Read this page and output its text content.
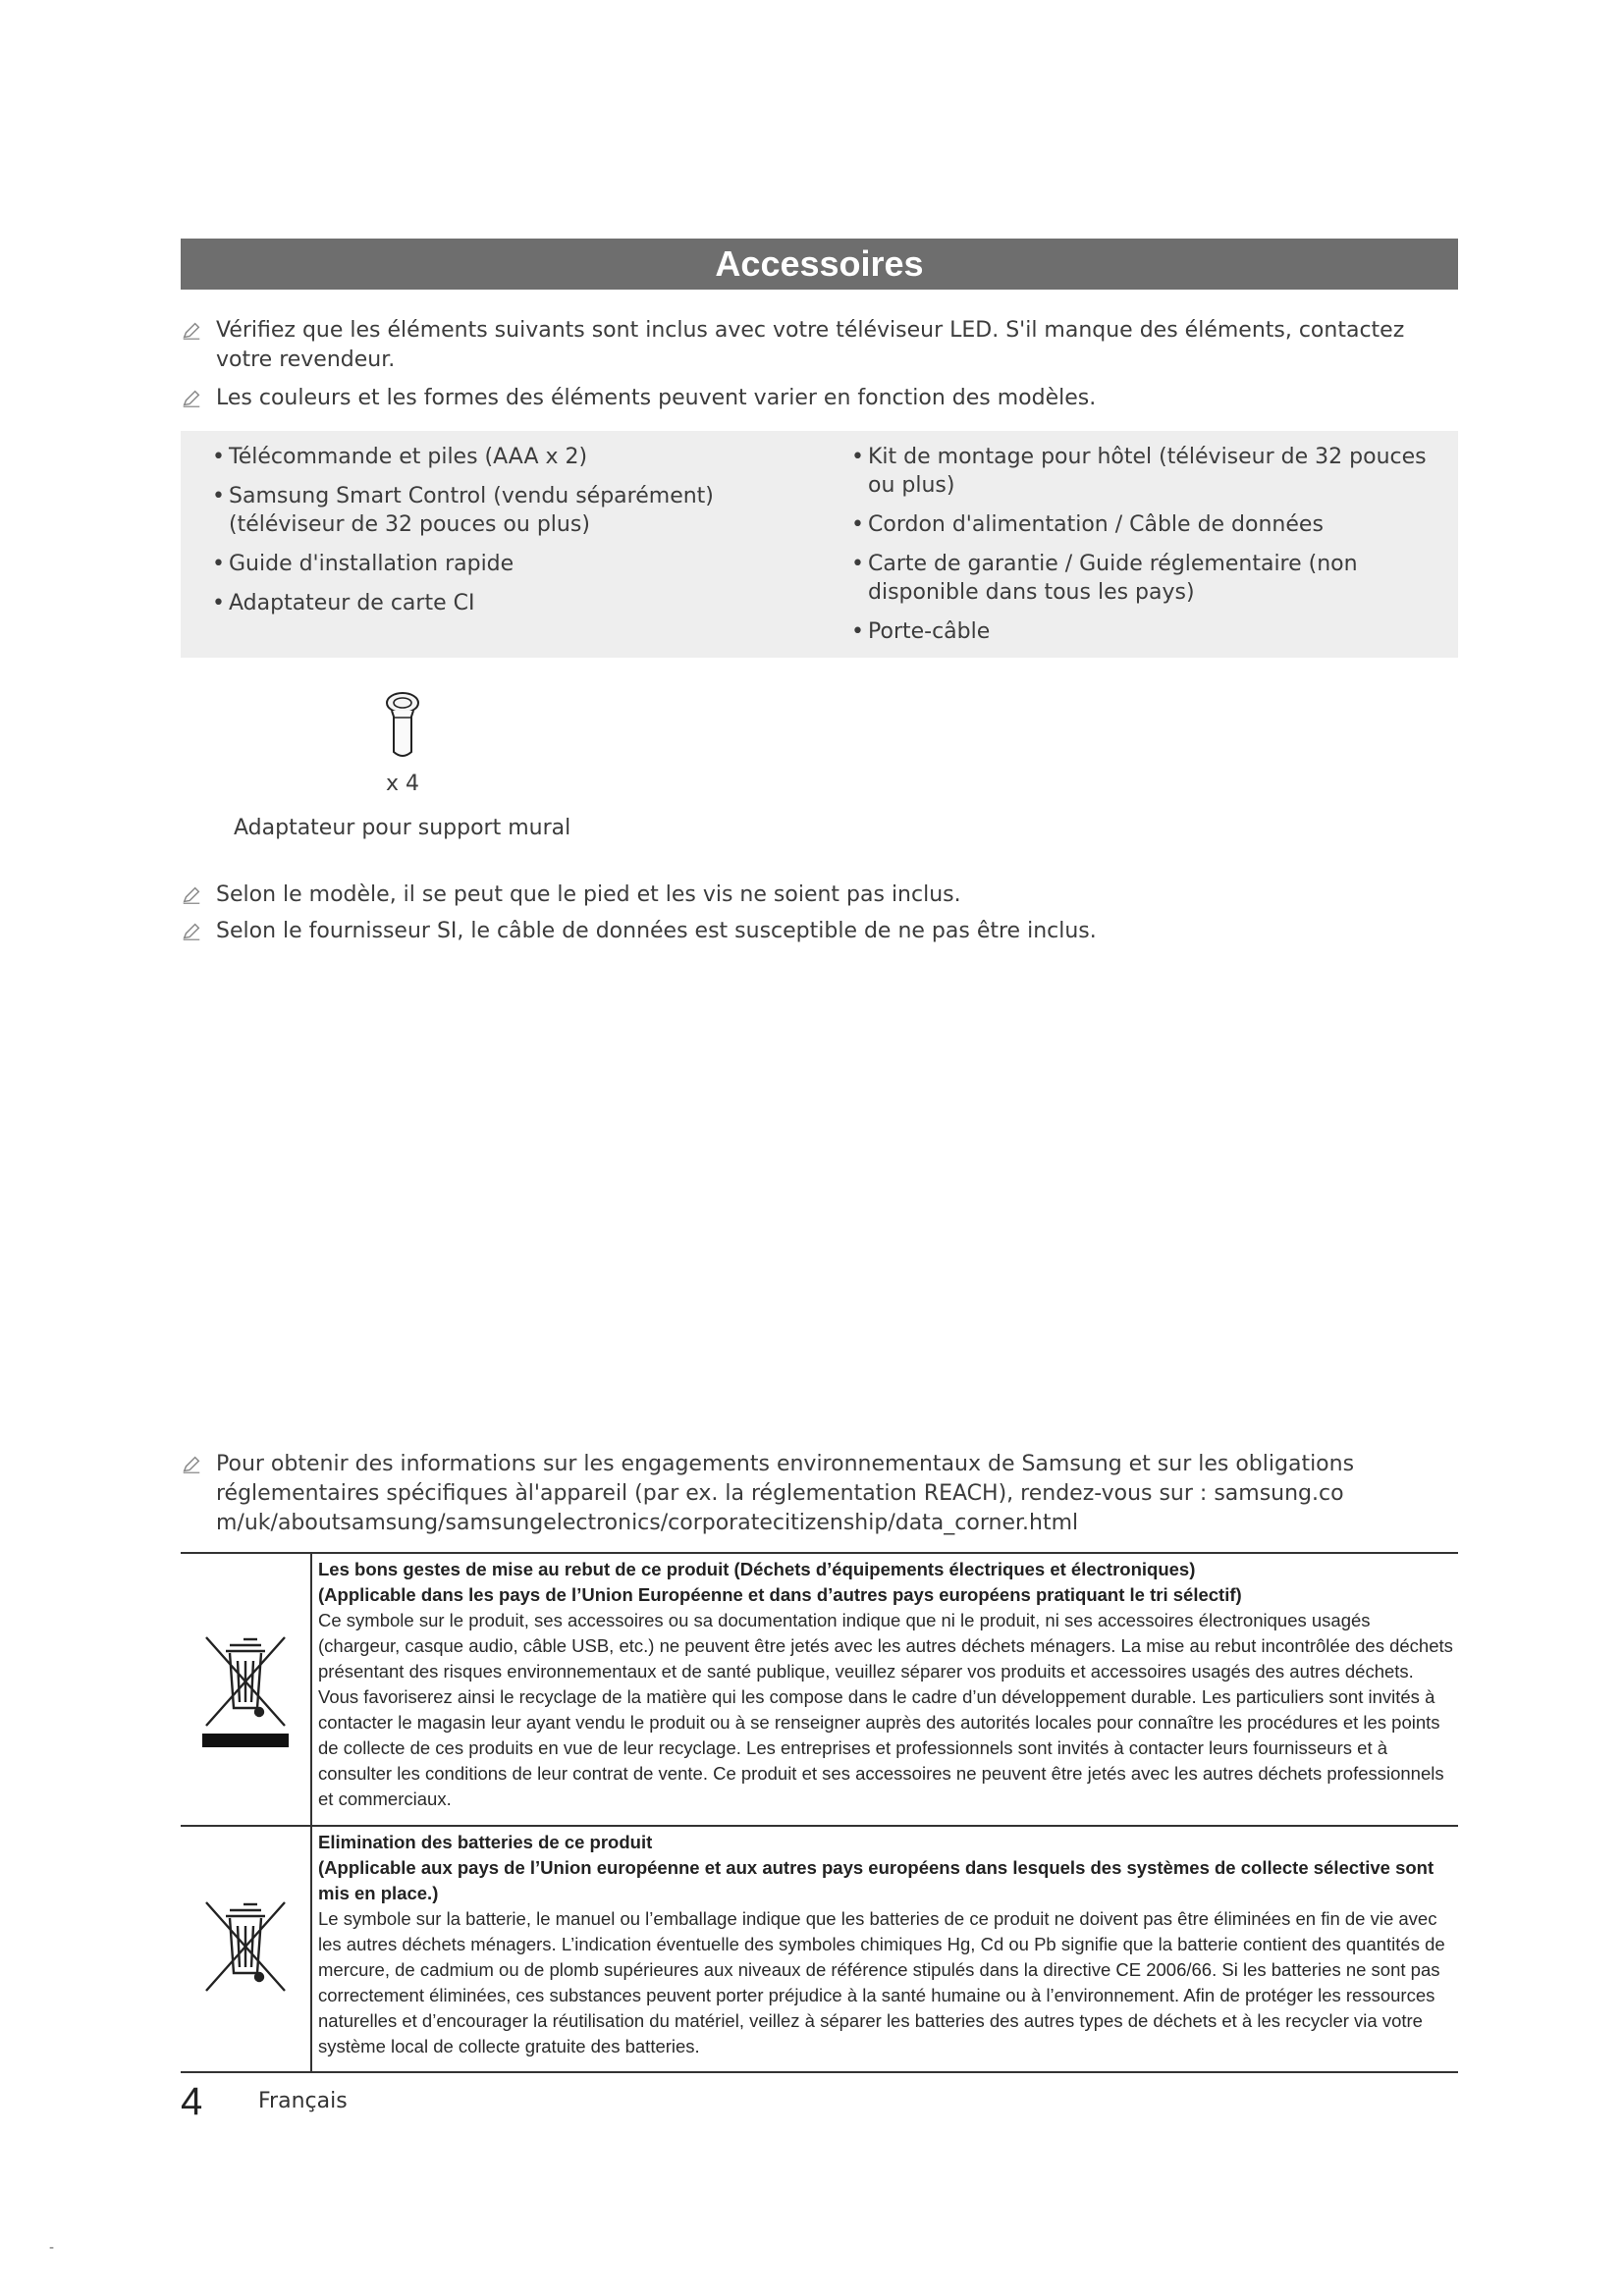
Accessoires
Vérifiez que les éléments suivants sont inclus avec votre téléviseur LED. S'il manque des éléments, contactez votre revendeur.
Les couleurs et les formes des éléments peuvent varier en fonction des modèles.
• Télécommande et piles (AAA x 2)
• Samsung Smart Control (vendu séparément) (téléviseur de 32 pouces ou plus)
• Guide d'installation rapide
• Adaptateur de carte CI
• Kit de montage pour hôtel (téléviseur de 32 pouces ou plus)
• Cordon d'alimentation / Câble de données
• Carte de garantie / Guide réglementaire (non disponible dans tous les pays)
• Porte-câble
x 4
Adaptateur pour support mural
Selon le modèle, il se peut que le pied et les vis ne soient pas inclus.
Selon le fournisseur SI, le câble de données est susceptible de ne pas être inclus.
Pour obtenir des informations sur les engagements environnementaux de Samsung et sur les obligations réglementaires spécifiques àl'appareil (par ex. la réglementation REACH), rendez-vous sur : samsung.com/uk/aboutsamsung/samsungelectronics/corporatecitizenship/data_corner.html
Les bons gestes de mise au rebut de ce produit (Déchets d’équipements électriques et électroniques)
(Applicable dans les pays de l’Union Européenne et dans d’autres pays européens pratiquant le tri sélectif)
Ce symbole sur le produit, ses accessoires ou sa documentation indique que ni le produit, ni ses accessoires électroniques usagés (chargeur, casque audio, câble USB, etc.) ne peuvent être jetés avec les autres déchets ménagers. La mise au rebut incontrôlée des déchets présentant des risques environnementaux et de santé publique, veuillez séparer vos produits et accessoires usagés des autres déchets. Vous favoriserez ainsi le recyclage de la matière qui les compose dans le cadre d’un développement durable. Les particuliers sont invités à contacter le magasin leur ayant vendu le produit ou à se renseigner auprès des autorités locales pour connaître les procédures et les points de collecte de ces produits en vue de leur recyclage. Les entreprises et professionnels sont invités à contacter leurs fournisseurs et à consulter les conditions de leur contrat de vente. Ce produit et ses accessoires ne peuvent être jetés avec les autres déchets professionnels et commerciaux.
Elimination des batteries de ce produit
(Applicable aux pays de l’Union européenne et aux autres pays européens dans lesquels des systèmes de collecte sélective sont mis en place.)
Le symbole sur la batterie, le manuel ou l’emballage indique que les batteries de ce produit ne doivent pas être éliminées en fin de vie avec les autres déchets ménagers. L’indication éventuelle des symboles chimiques Hg, Cd ou Pb signifie que la batterie contient des quantités de mercure, de cadmium ou de plomb supérieures aux niveaux de référence stipulés dans la directive CE 2006/66. Si les batteries ne sont pas correctement éliminées, ces substances peuvent porter préjudice à la santé humaine ou à l’environnement. Afin de protéger les ressources naturelles et d’encourager la réutilisation du matériel, veillez à séparer les batteries des autres types de déchets et à les recycler via votre système local de collecte gratuite des batteries.
4	Français
-
